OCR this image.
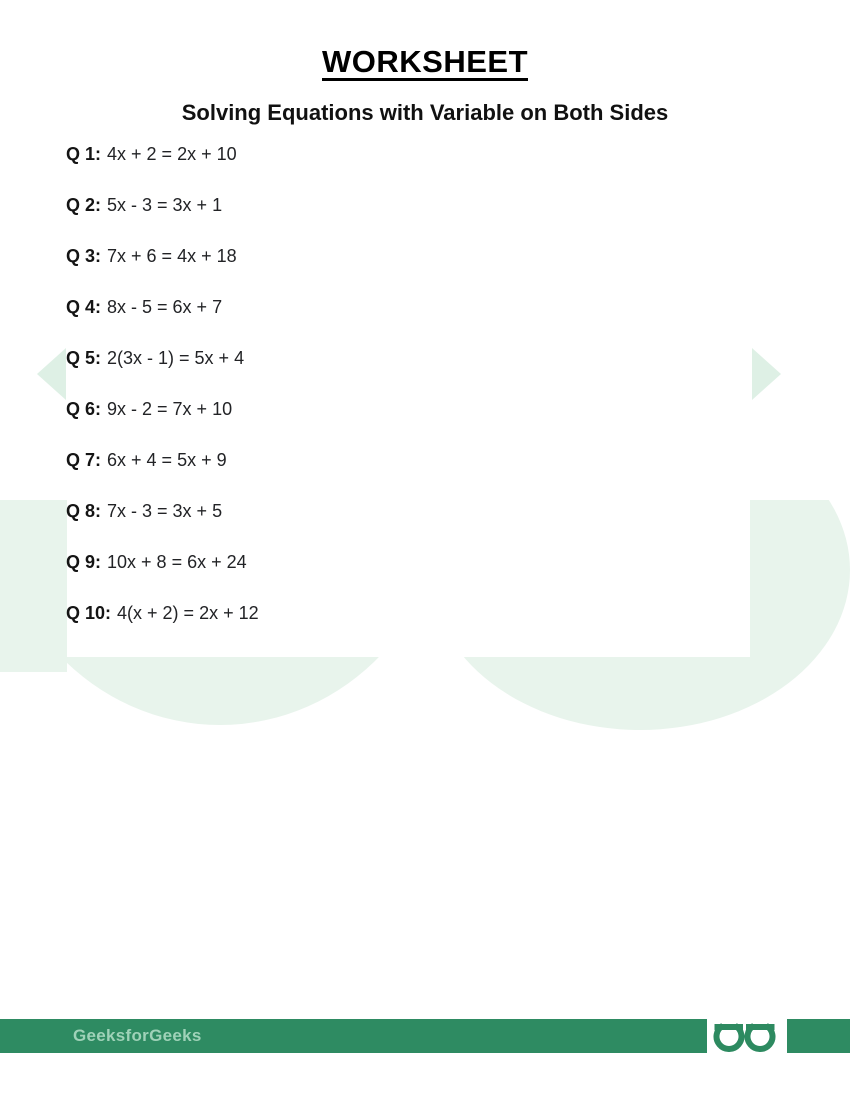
WORKSHEET
Solving Equations with Variable on Both Sides
Q 1: 4x + 2 = 2x + 10
Q 2: 5x - 3 = 3x + 1
Q 3: 7x + 6 = 4x + 18
Q 4: 8x - 5 = 6x + 7
Q 5: 2(3x - 1) = 5x + 4
Q 6: 9x - 2 = 7x + 10
Q 7: 6x + 4 = 5x + 9
Q 8: 7x - 3 = 3x + 5
Q 9: 10x + 8 = 6x + 24
Q 10: 4(x + 2) = 2x + 12
GeeksforGeeks
